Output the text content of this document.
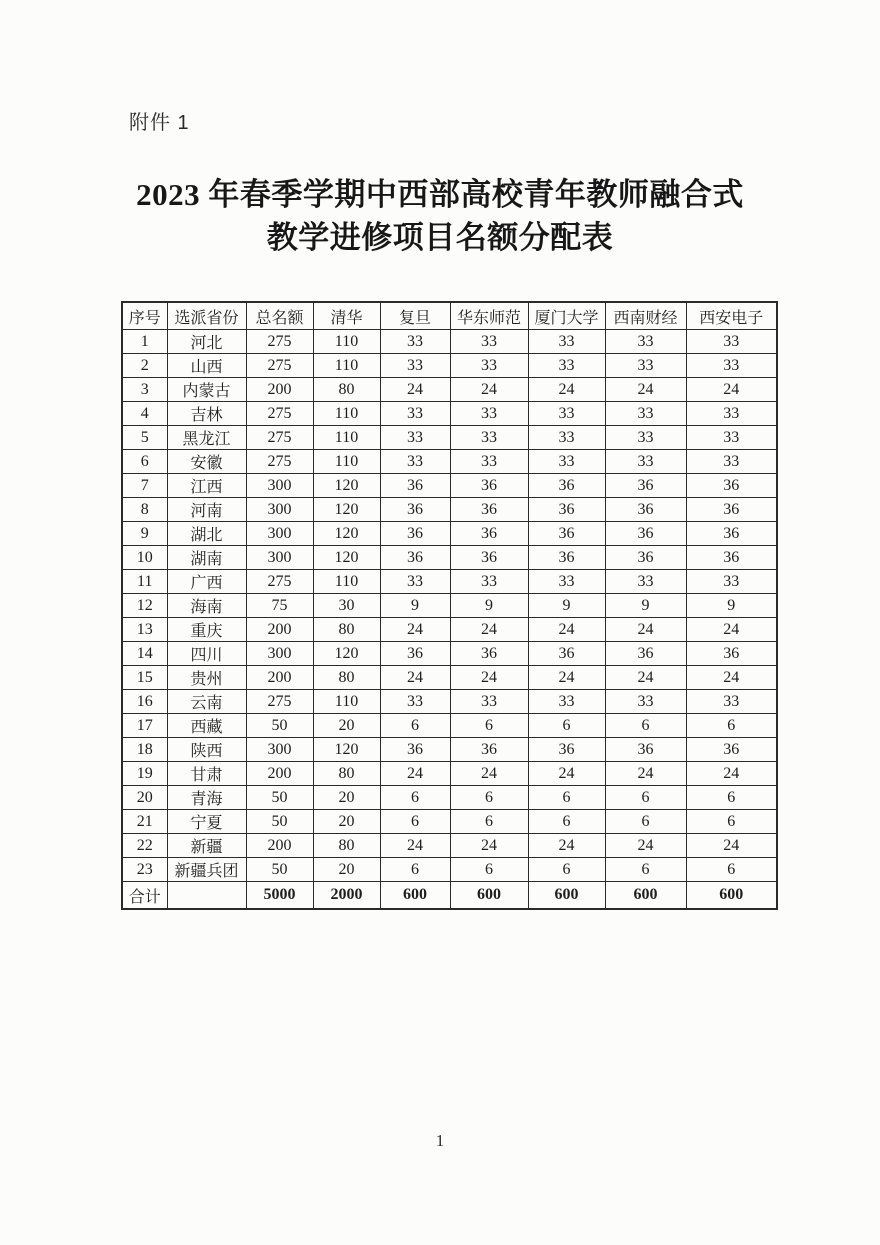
附件 1
2023 年春季学期中西部高校青年教师融合式
教学进修项目名额分配表
序号	选派省份	总名额	清华	复旦	华东师范	厦门大学	西南财经	西安电子
1	河北	275	110	33	33	33	33	33
2	山西	275	110	33	33	33	33	33
3	内蒙古	200	80	24	24	24	24	24
4	吉林	275	110	33	33	33	33	33
5	黑龙江	275	110	33	33	33	33	33
6	安徽	275	110	33	33	33	33	33
7	江西	300	120	36	36	36	36	36
8	河南	300	120	36	36	36	36	36
9	湖北	300	120	36	36	36	36	36
10	湖南	300	120	36	36	36	36	36
11	广西	275	110	33	33	33	33	33
12	海南	75	30	9	9	9	9	9
13	重庆	200	80	24	24	24	24	24
14	四川	300	120	36	36	36	36	36
15	贵州	200	80	24	24	24	24	24
16	云南	275	110	33	33	33	33	33
17	西藏	50	20	6	6	6	6	6
18	陕西	300	120	36	36	36	36	36
19	甘肃	200	80	24	24	24	24	24
20	青海	50	20	6	6	6	6	6
21	宁夏	50	20	6	6	6	6	6
22	新疆	200	80	24	24	24	24	24
23	新疆兵团	50	20	6	6	6	6	6
合计		5000	2000	600	600	600	600	600
1
